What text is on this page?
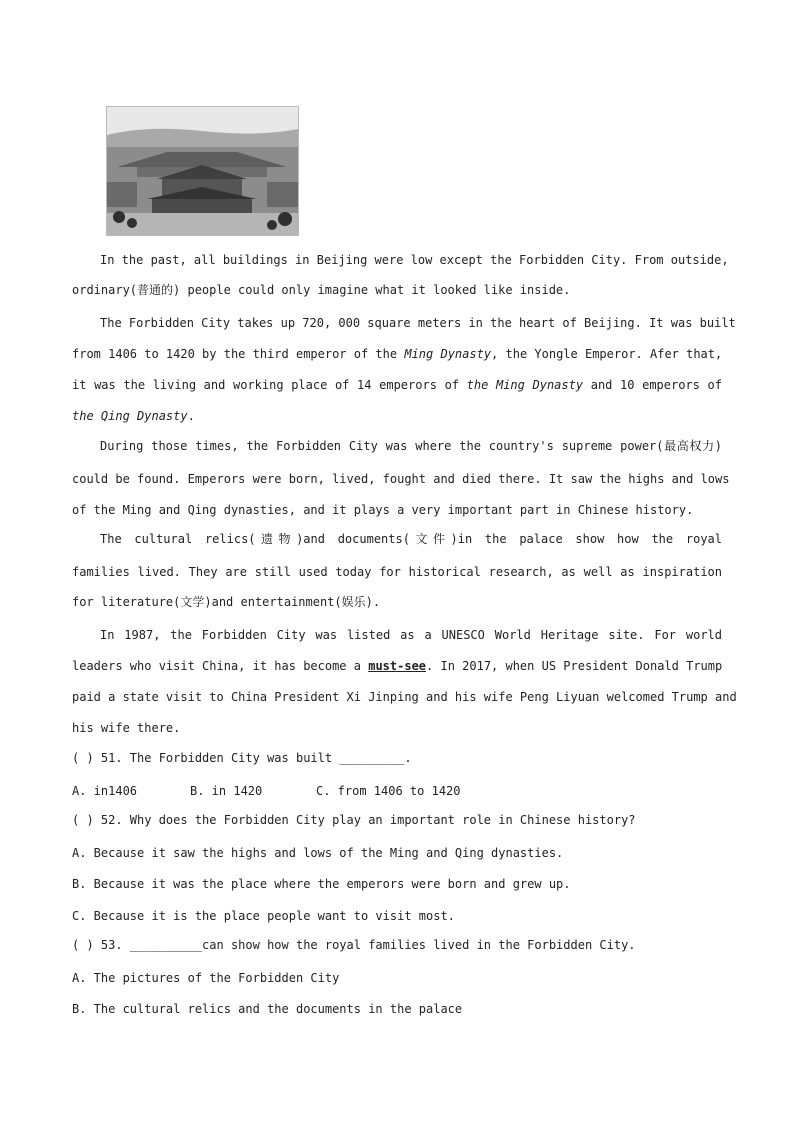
In the past, all buildings in Beijing were low except the Forbidden City. From outside,
ordinary(普通的) people could only imagine what it looked like inside.
The Forbidden City takes up 720, 000 square meters in the heart of Beijing. It was built
from 1406 to 1420 by the third emperor of the Ming Dynasty, the Yongle Emperor. Afer that,
it was the living and working place of 14 emperors of the Ming Dynasty and 10 emperors of
the Qing Dynasty.
During those times, the Forbidden City was where the country's supreme power(最高权力)
could be found. Emperors were born, lived, fought and died there. It saw the highs and lows
of the Ming and Qing dynasties, and it plays a very important part in Chinese history.
The cultural relics(遗物)and documents(文件)in the palace show how the royal
families lived. They are still used today for historical research, as well as inspiration
for literature(文学)and entertainment(娱乐).
In 1987, the Forbidden City was listed as a UNESCO World Heritage site. For world
leaders who visit China, it has become a must-see. In 2017, when US President Donald Trump
paid a state visit to China President Xi Jinping and his wife Peng Liyuan welcomed Trump and
his wife there.
( ) 51. The Forbidden City was built _________.
A. in1406	B. in 1420	C. from 1406 to 1420
( ) 52. Why does the Forbidden City play an important role in Chinese history?
A. Because it saw the highs and lows of the Ming and Qing dynasties.
B. Because it was the place where the emperors were born and grew up.
C. Because it is the place people want to visit most.
( ) 53. __________can show how the royal families lived in the Forbidden City.
A. The pictures of the Forbidden City
B. The cultural relics and the documents in the palace
